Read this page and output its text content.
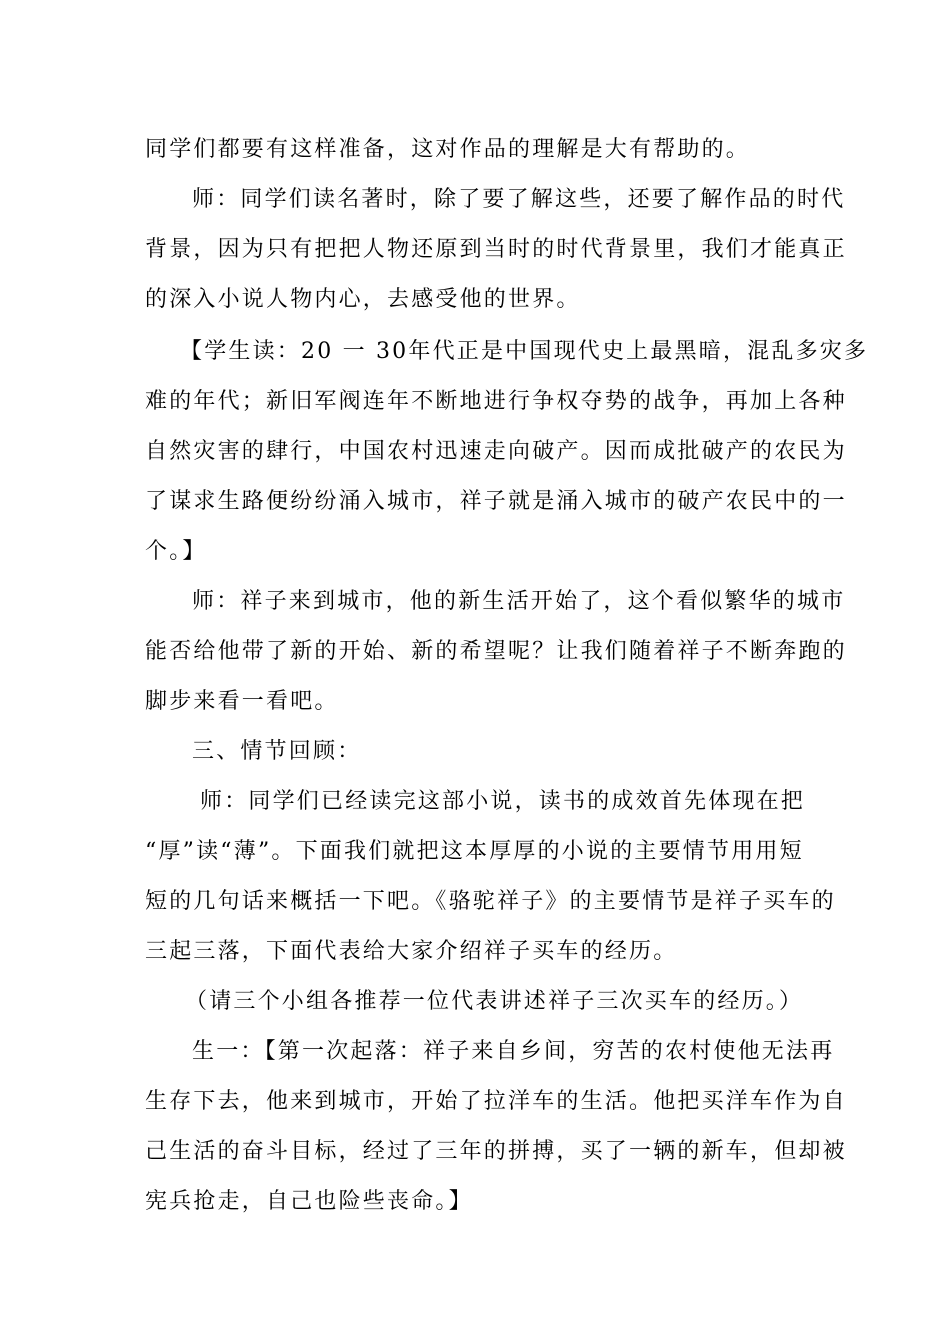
同学们都要有这样准备，这对作品的理解是大有帮助的。
师：同学们读名著时，除了要了解这些，还要了解作品的时代
背景，因为只有把把人物还原到当时的时代背景里，我们才能真正
的深入小说人物内心，去感受他的世界。
【学生读：20 一 30年代正是中国现代史上最黑暗，混乱多灾多
难的年代；新旧军阀连年不断地进行争权夺势的战争，再加上各种
自然灾害的肆行，中国农村迅速走向破产。因而成批破产的农民为
了谋求生路便纷纷涌入城市，祥子就是涌入城市的破产农民中的一
个。】
师：祥子来到城市，他的新生活开始了，这个看似繁华的城市
能否给他带了新的开始、新的希望呢？让我们随着祥子不断奔跑的
脚步来看一看吧。
三、情节回顾：
师：同学们已经读完这部小说，读书的成效首先体现在把
“厚”读“薄”。下面我们就把这本厚厚的小说的主要情节用用短
短的几句话来概括一下吧。《骆驼祥子》的主要情节是祥子买车的
三起三落，下面代表给大家介绍祥子买车的经历。
（请三个小组各推荐一位代表讲述祥子三次买车的经历。）
生一：【第一次起落：祥子来自乡间，穷苦的农村使他无法再
生存下去，他来到城市，开始了拉洋车的生活。他把买洋车作为自
己生活的奋斗目标，经过了三年的拼搏，买了一辆的新车，但却被
宪兵抢走，自己也险些丧命。】
